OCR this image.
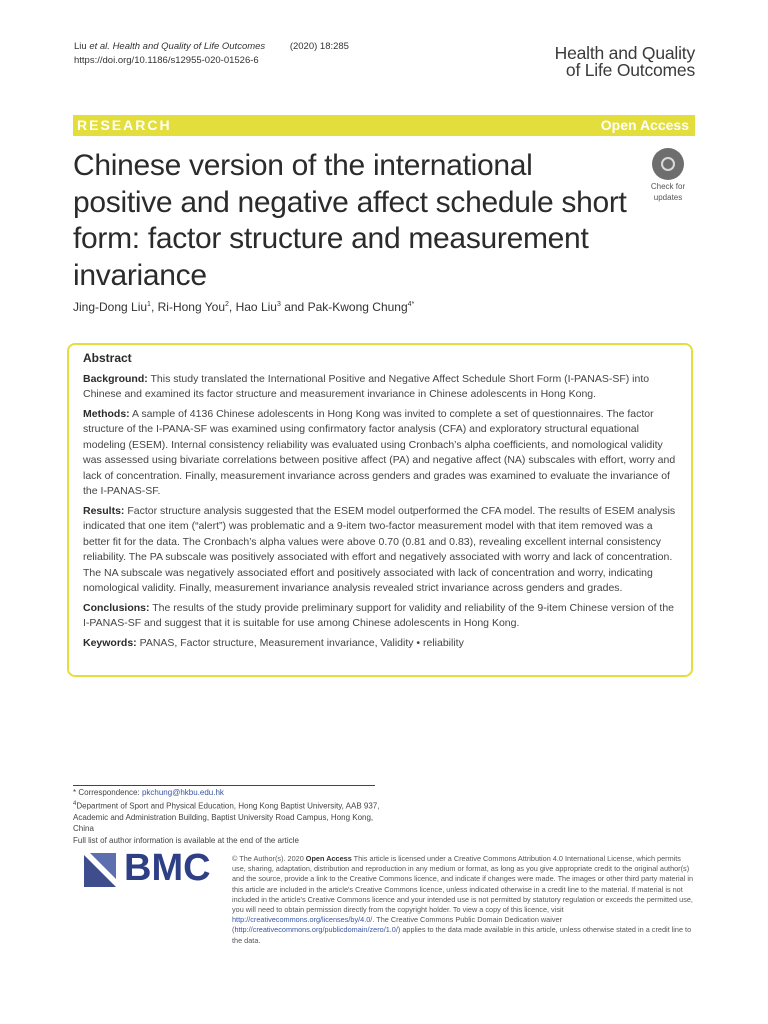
Liu et al. Health and Quality of Life Outcomes	(2020) 18:285
https://doi.org/10.1186/s12955-020-01526-6	Health and Quality
of Life Outcomes
RESEARCH	Open Access
Chinese version of the international positive and negative affect schedule short form: factor structure and measurement invariance
Check for
updates
Jing-Dong Liu$^1$, Ri-Hong You$^2$, Hao Liu$^3$ and Pak-Kwong Chung$^{4*}$
Abstract

Background: This study translated the International Positive and Negative Affect Schedule Short Form (I-PANAS-SF) into Chinese and examined its factor structure and measurement invariance in Chinese adolescents in Hong Kong.

Methods: A sample of 4136 Chinese adolescents in Hong Kong was invited to complete a set of questionnaires. The factor structure of the I-PANA-SF was examined using confirmatory factor analysis (CFA) and exploratory structural equational modeling (ESEM). Internal consistency reliability was evaluated using Cronbach’s alpha coefficients, and nomological validity was assessed using bivariate correlations between positive affect (PA) and negative affect (NA) subscales with effort, worry and lack of concentration. Finally, measurement invariance across genders and grades was examined to evaluate the invariance of the I-PANAS-SF.

Results: Factor structure analysis suggested that the ESEM model outperformed the CFA model. The results of ESEM analysis indicated that one item (“alert”) was problematic and a 9-item two-factor measurement model with that item removed was a better fit for the data. The Cronbach’s alpha values were above 0.70 (0.81 and 0.83), revealing excellent internal consistency reliability. The PA subscale was positively associated with effort and negatively associated with worry and lack of concentration. The NA subscale was negatively associated effort and positively associated with lack of concentration and worry, indicating nomological validity. Finally, measurement invariance analysis revealed strict invariance across genders and grades.

Conclusions: The results of the study provide preliminary support for validity and reliability of the 9-item Chinese version of the I-PANAS-SF and suggest that it is suitable for use among Chinese adolescents in Hong Kong.

Keywords: PANAS, Factor structure, Measurement invariance, Validity • reliability

* Correspondence: pkchung@hkbu.edu.hk
$^4$Department of Sport and Physical Education, Hong Kong Baptist University, AAB 937, Academic and Administration Building, Baptist University Road Campus, Hong Kong, China
Full list of author information is available at the end of the article
BMC	© The Author(s). 2020 Open Access This article is licensed under a Creative Commons Attribution 4.0 International License, which permits use, sharing, adaptation, distribution and reproduction in any medium or format, as long as you give appropriate credit to the original author(s) and the source, provide a link to the Creative Commons licence, and indicate if changes were made. The images or other third party material in this article are included in the article's Creative Commons licence, unless indicated otherwise in a credit line to the material. If material is not included in the article's Creative Commons licence and your intended use is not permitted by statutory regulation or exceeds the permitted use, you will need to obtain permission directly from the copyright holder. To view a copy of this licence, visit http://creativecommons.org/licenses/by/4.0/. The Creative Commons Public Domain Dedication waiver (http://creativecommons.org/publicdomain/zero/1.0/) applies to the data made available in this article, unless otherwise stated in a credit line to the data.
